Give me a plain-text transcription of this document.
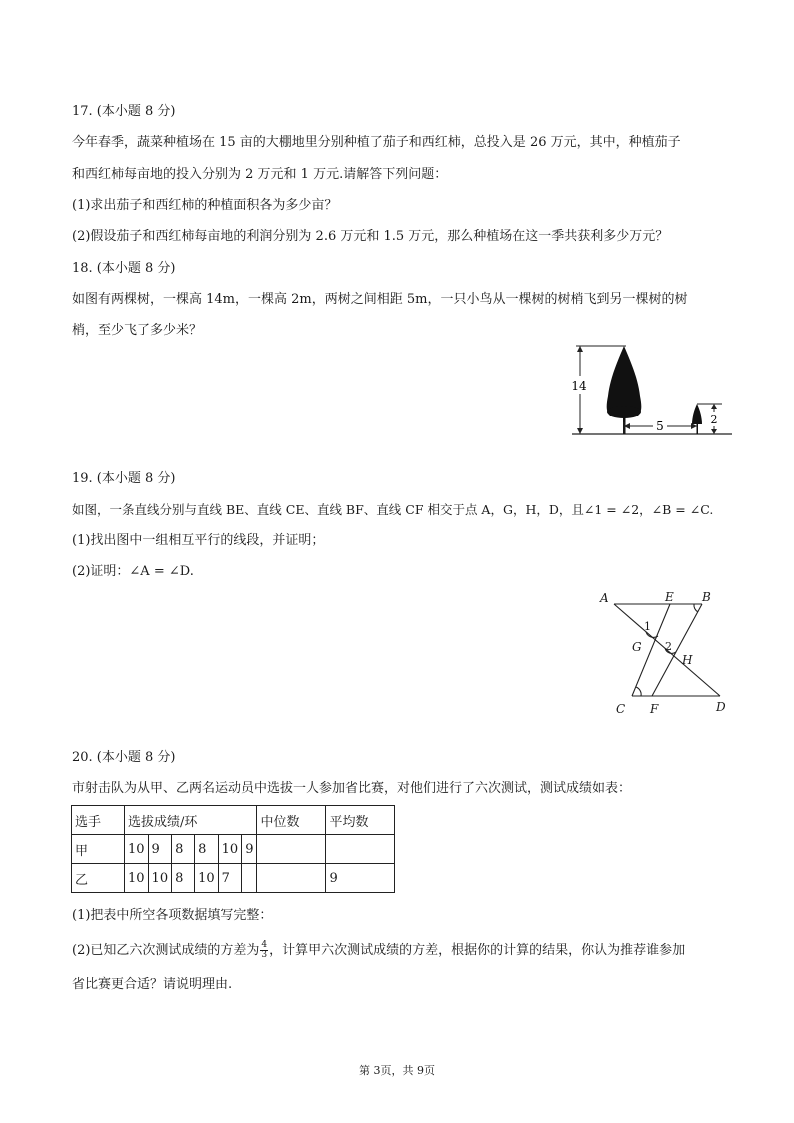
17. (本小题 8 分)
今年春季，蔬菜种植场在 15 亩的大棚地里分别种植了茄子和西红柿，总投入是 26 万元，其中，种植茄子
和西红柿每亩地的投入分别为 2 万元和 1 万元.请解答下列问题：
(1)求出茄子和西红柿的种植面积各为多少亩？
(2)假设茄子和西红柿每亩地的利润分别为 2.6 万元和 1.5 万元，那么种植场在这一季共获利多少万元？
18. (本小题 8 分)
如图有两棵树，一棵高 14m，一棵高 2m，两树之间相距 5m，一只小鸟从一棵树的树梢飞到另一棵树的树
梢，至少飞了多少米？
14
5	2
19. (本小题 8 分)
如图，一条直线分别与直线 BE、直线 CE、直线 BF、直线 CF 相交于点 A，G，H，D，且∠1 = ∠2，∠B = ∠C.
(1)找出图中一组相互平行的线段，并证明；
(2)证明：∠A = ∠D.
A	E B
G
H
C F	D
1
2
20. (本小题 8 分)
市射击队为从甲、乙两名运动员中选拔一人参加省比赛，对他们进行了六次测试，测试成绩如表：
选手	选拔成绩/环						中位数	平均数
甲	10	9	8	8	10	9		
乙	10	10	8	10	7			9
(1)把表中所空各项数据填写完整：
(2)已知乙六次测试成绩的方差为 $\frac{4}{3}$ ，计算甲六次测试成绩的方差，根据你的计算的结果，你认为推荐谁参加
省比赛更合适？请说明理由.
第 3页，共 9页
